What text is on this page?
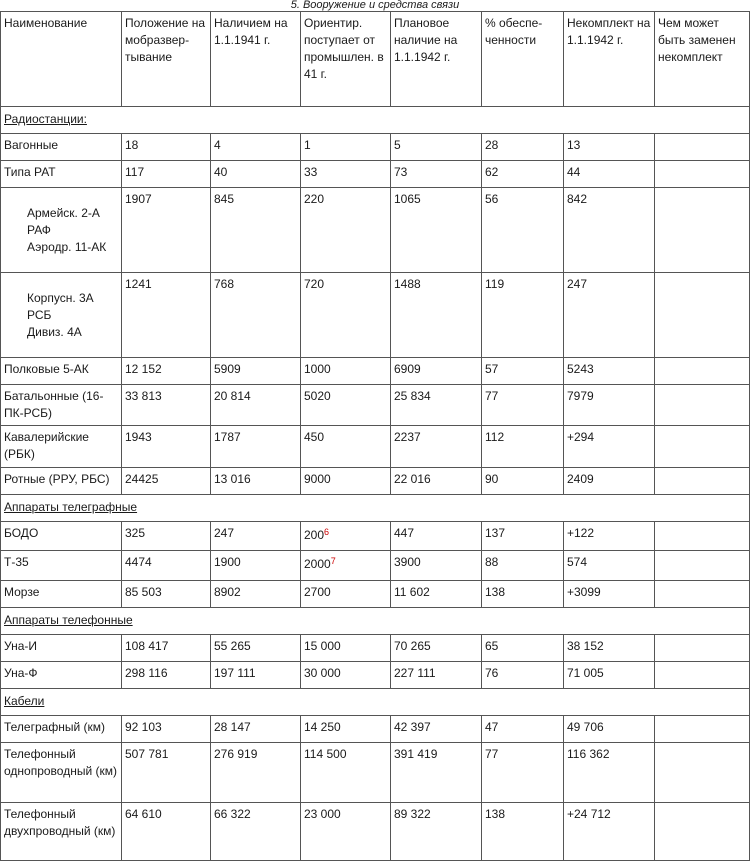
5. Вооружение и средства связи
Наименование	Положение на мобразвер-тывание	Наличием на 1.1.1941 г.	Ориентир. поступает от промышлен. в 41 г.	Плановое наличие на 1.1.1942 г.	% обеспе-ченности	Некомплект на 1.1.1942 г.	Чем может быть заменен некомплект
Радиостанции:							
Вагонные	18	4	1	5	28	13	
Типа РАТ	117	40	33	73	62	44	

Армейск. 2-А
РАФ
Аэродр. 11-АК	1907	845	220	1065	56	842	

Корпусн. 3А
РСБ
Дивиз. 4А	1241	768	720	1488	119	247	
Полковые 5-АК	12 152	5909	1000	6909	57	5243	
Батальонные (16-ПК-РСБ)	33 813	20 814	5020	25 834	77	7979	
Кавалерийские (РБК)	1943	1787	450	2237	112	+294	
Ротные (РРУ, РБС)	24425	13 016	9000	22 016	90	2409	
Аппараты телеграфные							
БОДО	325	247	$200^6$	447	137	+122	
Т-35	4474	1900	2000$^7$	3900	88	574	
Морзе	85 503	8902	2700	11 602	138	+3099	
Аппараты телефонные							
Уна-И	108 417	55 265	15 000	70 265	65	38 152	
Уна-Ф	298 116	197 111	30 000	227 111	76	71 005	
Кабели							
Телеграфный (км)	92 103	28 147	14 250	42 397	47	49 706	
Телефонный однопроводный (км)	507 781	276 919	114 500	391 419	77	116 362	
Телефонный двухпроводный (км)	64 610	66 322	23 000	89 322	138	+24 712	
